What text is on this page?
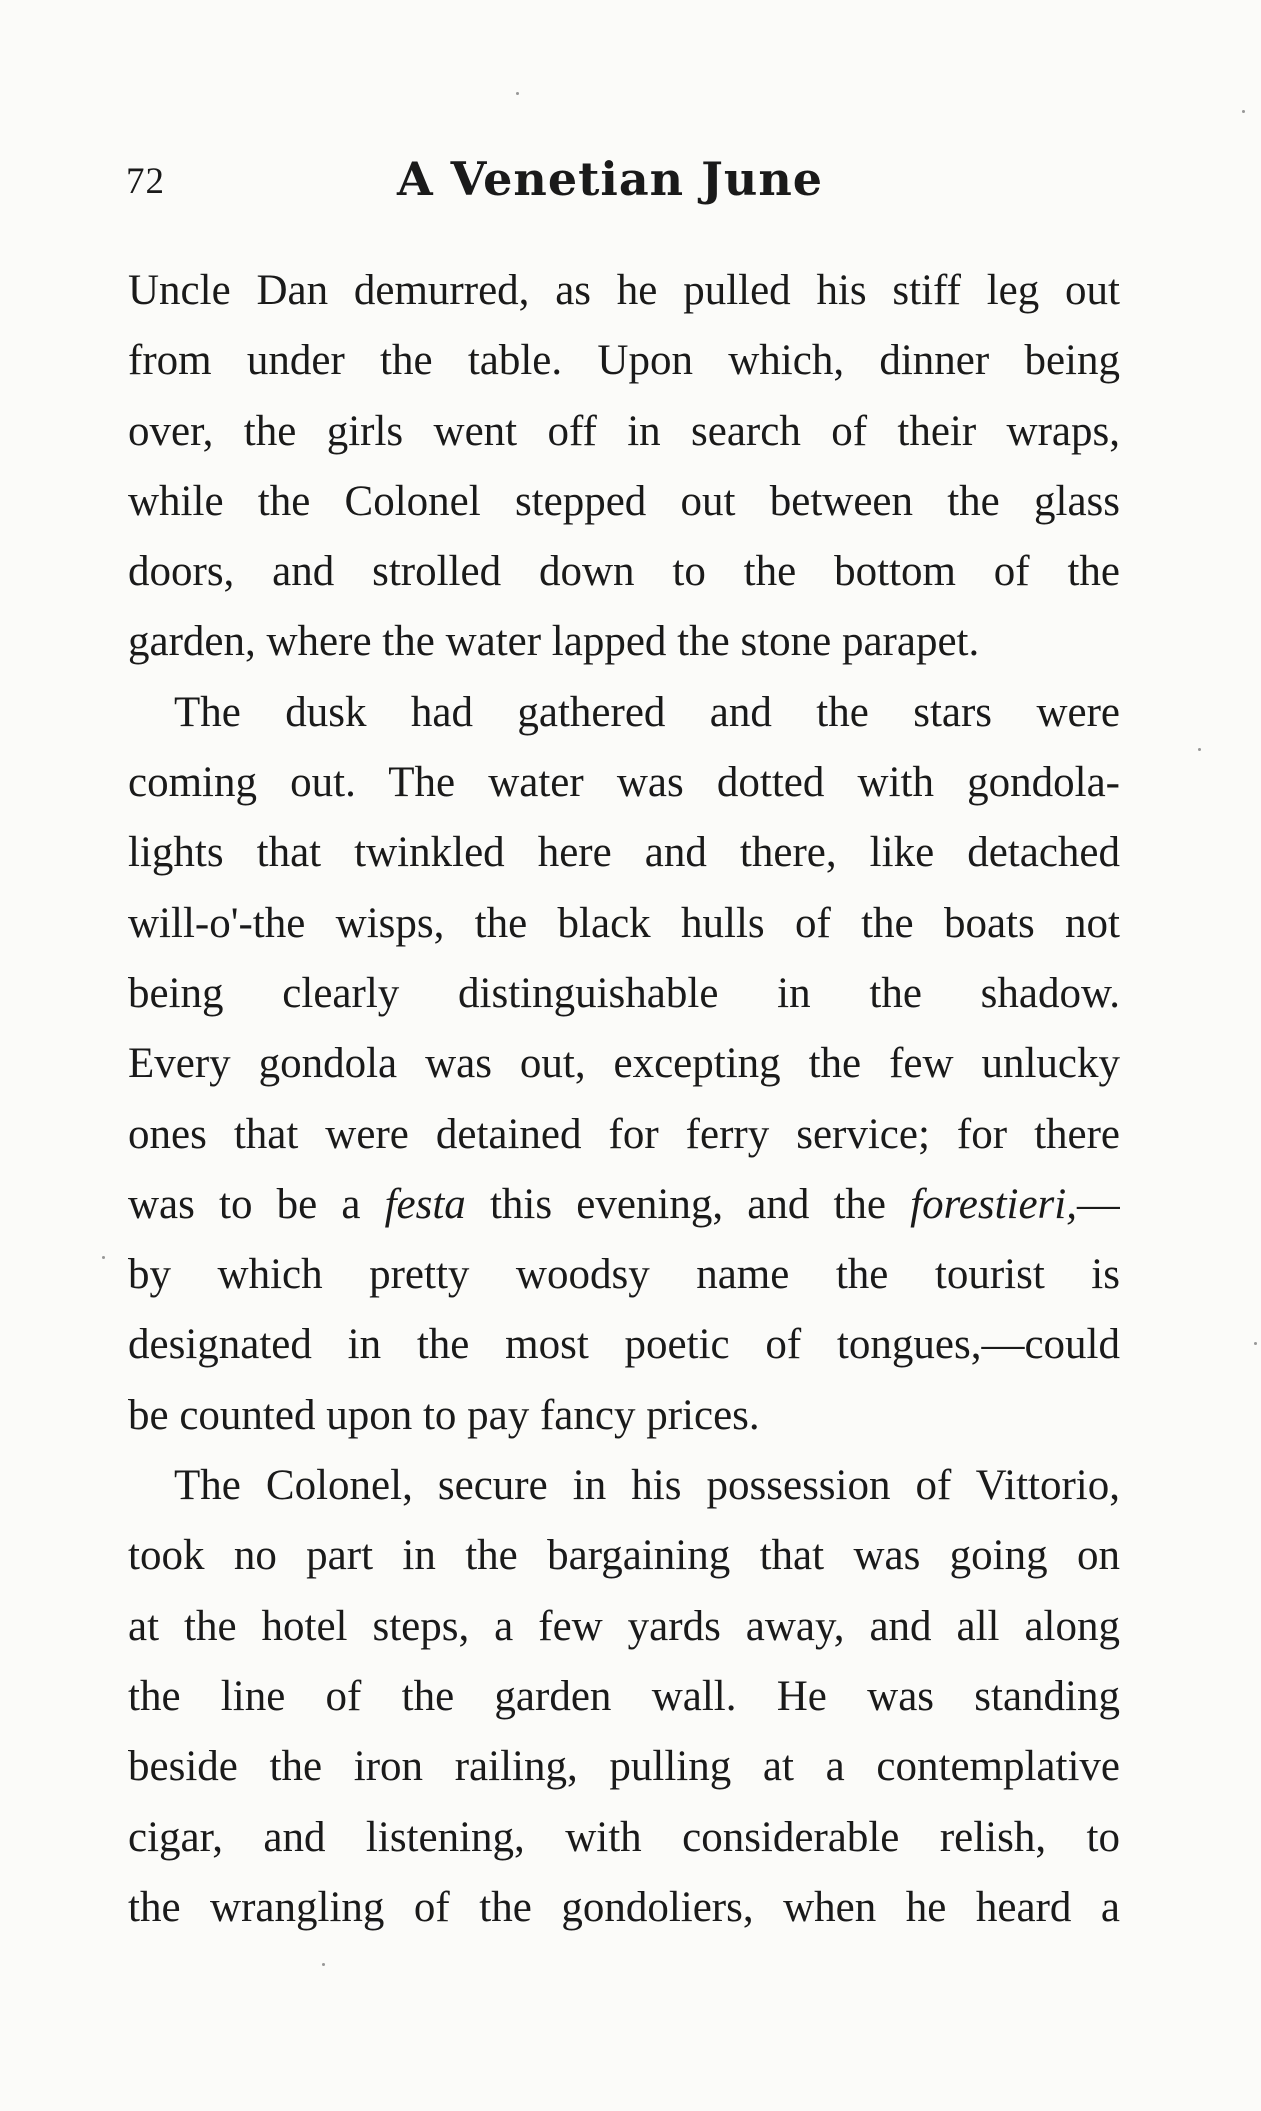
72	A Venetian June
Uncle Dan demurred, as he pulled his stiff leg out
from under the table. Upon which, dinner being
over, the girls went off in search of their wraps,
while the Colonel stepped out between the glass
doors, and strolled down to the bottom of the
garden, where the water lapped the stone parapet.
The dusk had gathered and the stars were
coming out. The water was dotted with gondola-
lights that twinkled here and there, like detached
will-o'-the wisps, the black hulls of the boats not
being clearly distinguishable in the shadow.
Every gondola was out, excepting the few unlucky
ones that were detained for ferry service; for there
was to be a festa this evening, and the forestieri,—
by which pretty woodsy name the tourist is
designated in the most poetic of tongues,—could
be counted upon to pay fancy prices.
The Colonel, secure in his possession of Vittorio,
took no part in the bargaining that was going on
at the hotel steps, a few yards away, and all along
the line of the garden wall. He was standing
beside the iron railing, pulling at a contemplative
cigar, and listening, with considerable relish, to
the wrangling of the gondoliers, when he heard a
